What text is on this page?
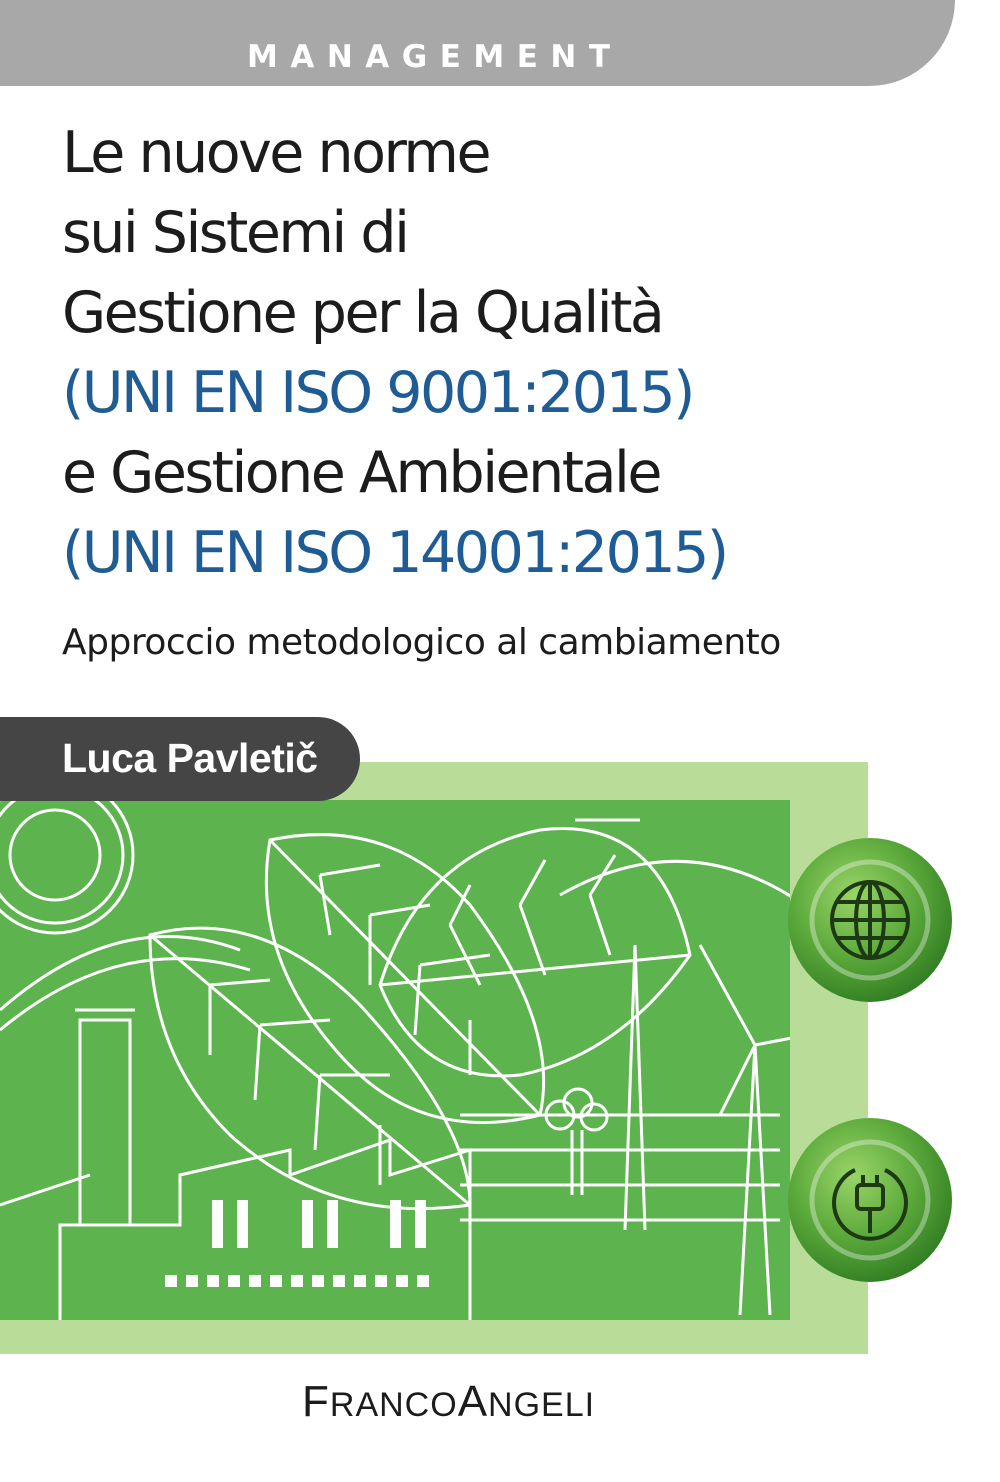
MANAGEMENT
Le nuove norme
sui Sistemi di
Gestione per la Qualità
(UNI EN ISO 9001:2015)
e Gestione Ambientale
(UNI EN ISO 14001:2015)
Approccio metodologico al cambiamento
Luca Pavletič
FRANCOANGELI
